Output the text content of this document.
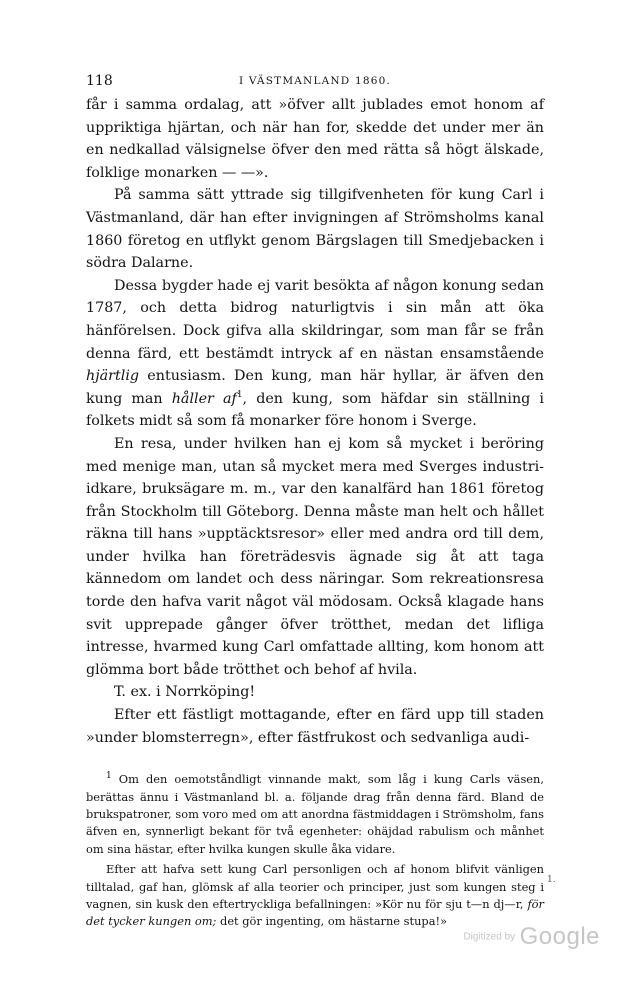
118	I VÄSTMANLAND 1860.

får i samma ordalag, att »öfver allt jublades emot honom af uppriktiga hjärtan, och när han for, skedde det under mer än en nedkallad välsignelse öfver den med rätta så högt älskade, folklige monarken — —».

På samma sätt yttrade sig tillgifvenheten för kung Carl i Västmanland, där han efter invigningen af Strömsholms kanal 1860 företog en utflykt genom Bärgslagen till Smedjebacken i södra Dalarne.

Dessa bygder hade ej varit besökta af någon konung sedan 1787, och detta bidrog naturligtvis i sin mån att öka hänförelsen. Dock gifva alla skildringar, som man får se från denna färd, ett bestämdt intryck af en nästan ensamstående hjärtlig entusiasm. Den kung, man här hyllar, är äfven den kung man håller $af^1$, den kung, som häfdar sin ställning i folkets midt så som få monarker före honom i Sverge.

En resa, under hvilken han ej kom så mycket i beröring med menige man, utan så mycket mera med Sverges industriidkare, bruksägare m. m., var den kanalfärd han 1861 företog från Stockholm till Göteborg. Denna måste man helt och hållet räkna till hans »upptäcktsresor» eller med andra ord till dem, under hvilka han företrädesvis ägnade sig åt att taga kännedom om landet och dess näringar. Som rekreationsresa torde den hafva varit något väl mödosam. Också klagade hans svit upprepade gånger öfver trötthet, medan det lifliga intresse, hvarmed kung Carl omfattade allting, kom honom att glömma bort både trötthet och behof af hvila.

T. ex. i Norrköping!

Efter ett fästligt mottagande, efter en färd upp till staden »under blomsterregn», efter fästfrukost och sedvanliga audi-

$^1$ Om den oemotståndligt vinnande makt, som låg i kung Carls väsen, berättas ännu i Västmanland bl. a. följande drag från denna färd. Bland de brukspatroner, som voro med om att anordna fästmiddagen i Strömsholm, fans äfven en, synnerligt bekant för två egenheter: ohäjdad rabulism och månhet om sina hästar, efter hvilka kungen skulle åka vidare.

Efter att hafva sett kung Carl personligen och af honom blifvit vänligen tilltalad, gaf han, glömsk af alla teorier och principer, just som kungen steg i vagnen, sin kusk den eftertryckliga befallningen: »Kör nu för sju t—n dj—r, för det tycker kungen om; det gör ingenting, om hästarne stupa!»

1.
Digitized by Google
